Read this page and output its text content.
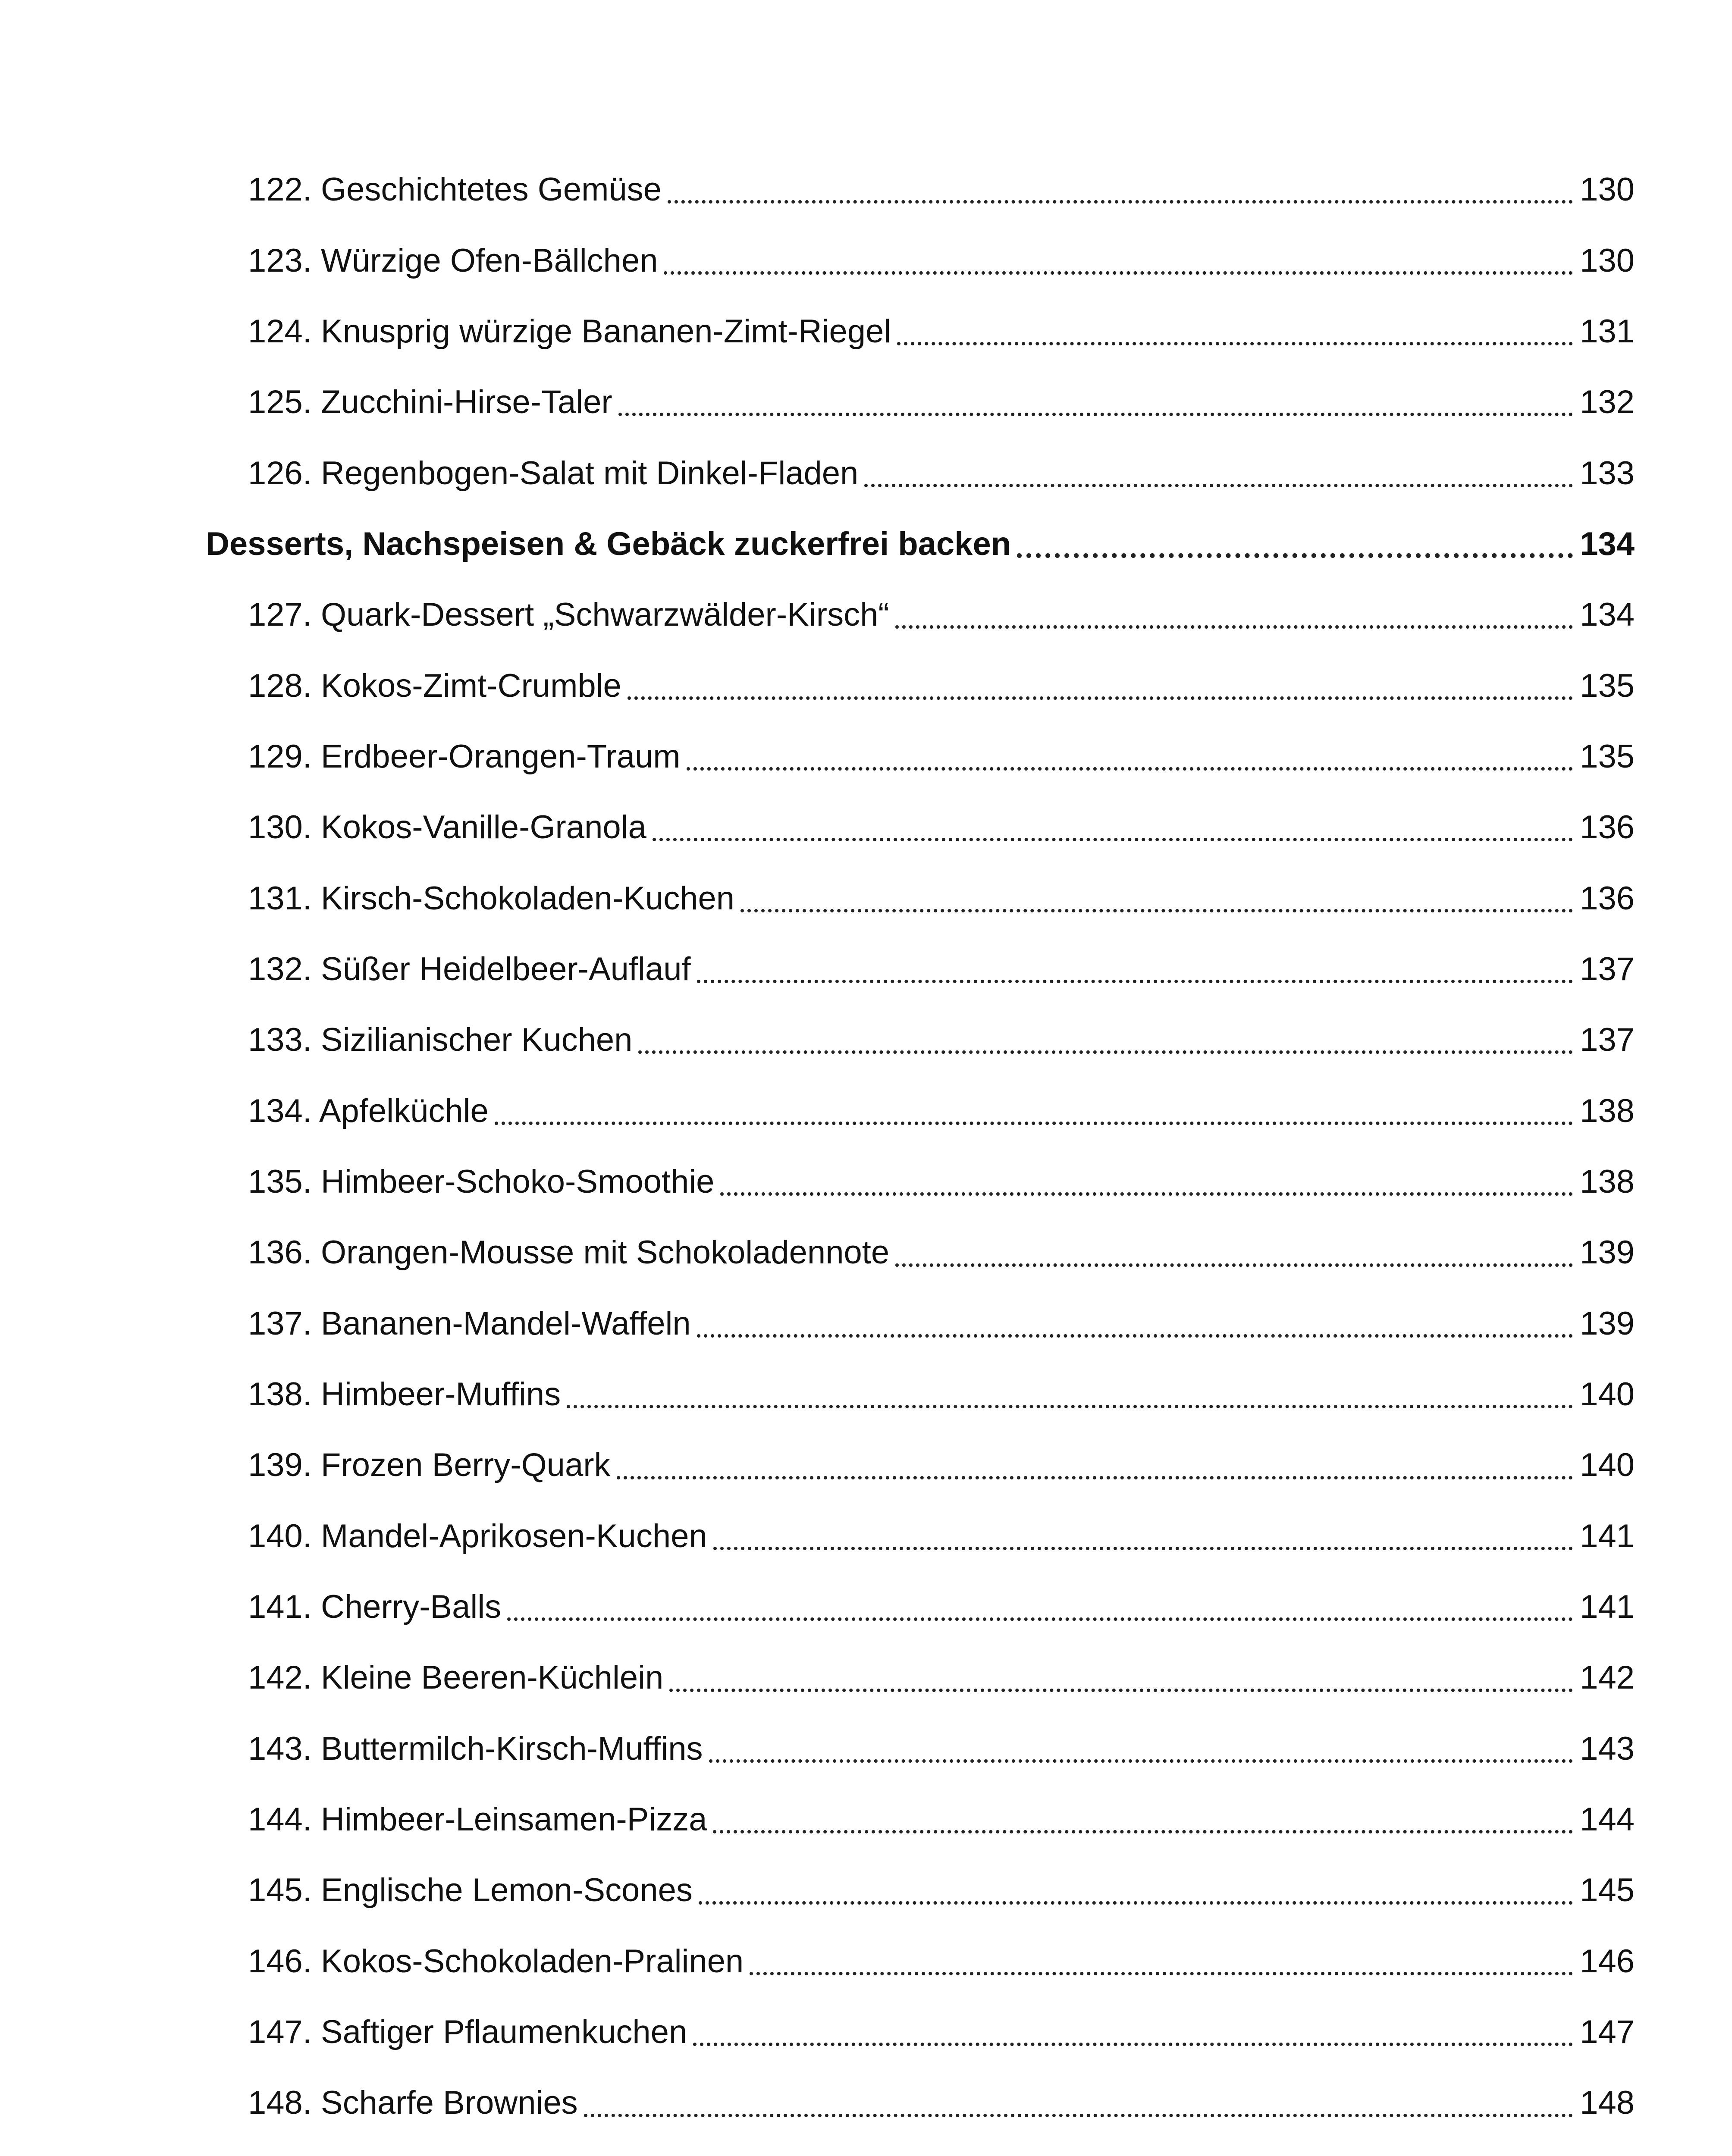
122. Geschichtetes Gemüse	130
123. Würzige Ofen-Bällchen	130
124. Knusprig würzige Bananen-Zimt-Riegel	131
125. Zucchini-Hirse-Taler	132
126. Regenbogen-Salat mit Dinkel-Fladen	133
Desserts, Nachspeisen & Gebäck zuckerfrei backen	134
127. Quark-Dessert „Schwarzwälder-Kirsch“	134
128. Kokos-Zimt-Crumble	135
129. Erdbeer-Orangen-Traum	135
130. Kokos-Vanille-Granola	136
131. Kirsch-Schokoladen-Kuchen	136
132. Süßer Heidelbeer-Auflauf	137
133. Sizilianischer Kuchen	137
134. Apfelküchle	138
135. Himbeer-Schoko-Smoothie	138
136. Orangen-Mousse mit Schokoladennote	139
137. Bananen-Mandel-Waffeln	139
138. Himbeer-Muffins	140
139. Frozen Berry-Quark	140
140. Mandel-Aprikosen-Kuchen	141
141. Cherry-Balls	141
142. Kleine Beeren-Küchlein	142
143. Buttermilch-Kirsch-Muffins	143
144. Himbeer-Leinsamen-Pizza	144
145. Englische Lemon-Scones	145
146. Kokos-Schokoladen-Pralinen	146
147. Saftiger Pflaumenkuchen	147
148. Scharfe Brownies	148
